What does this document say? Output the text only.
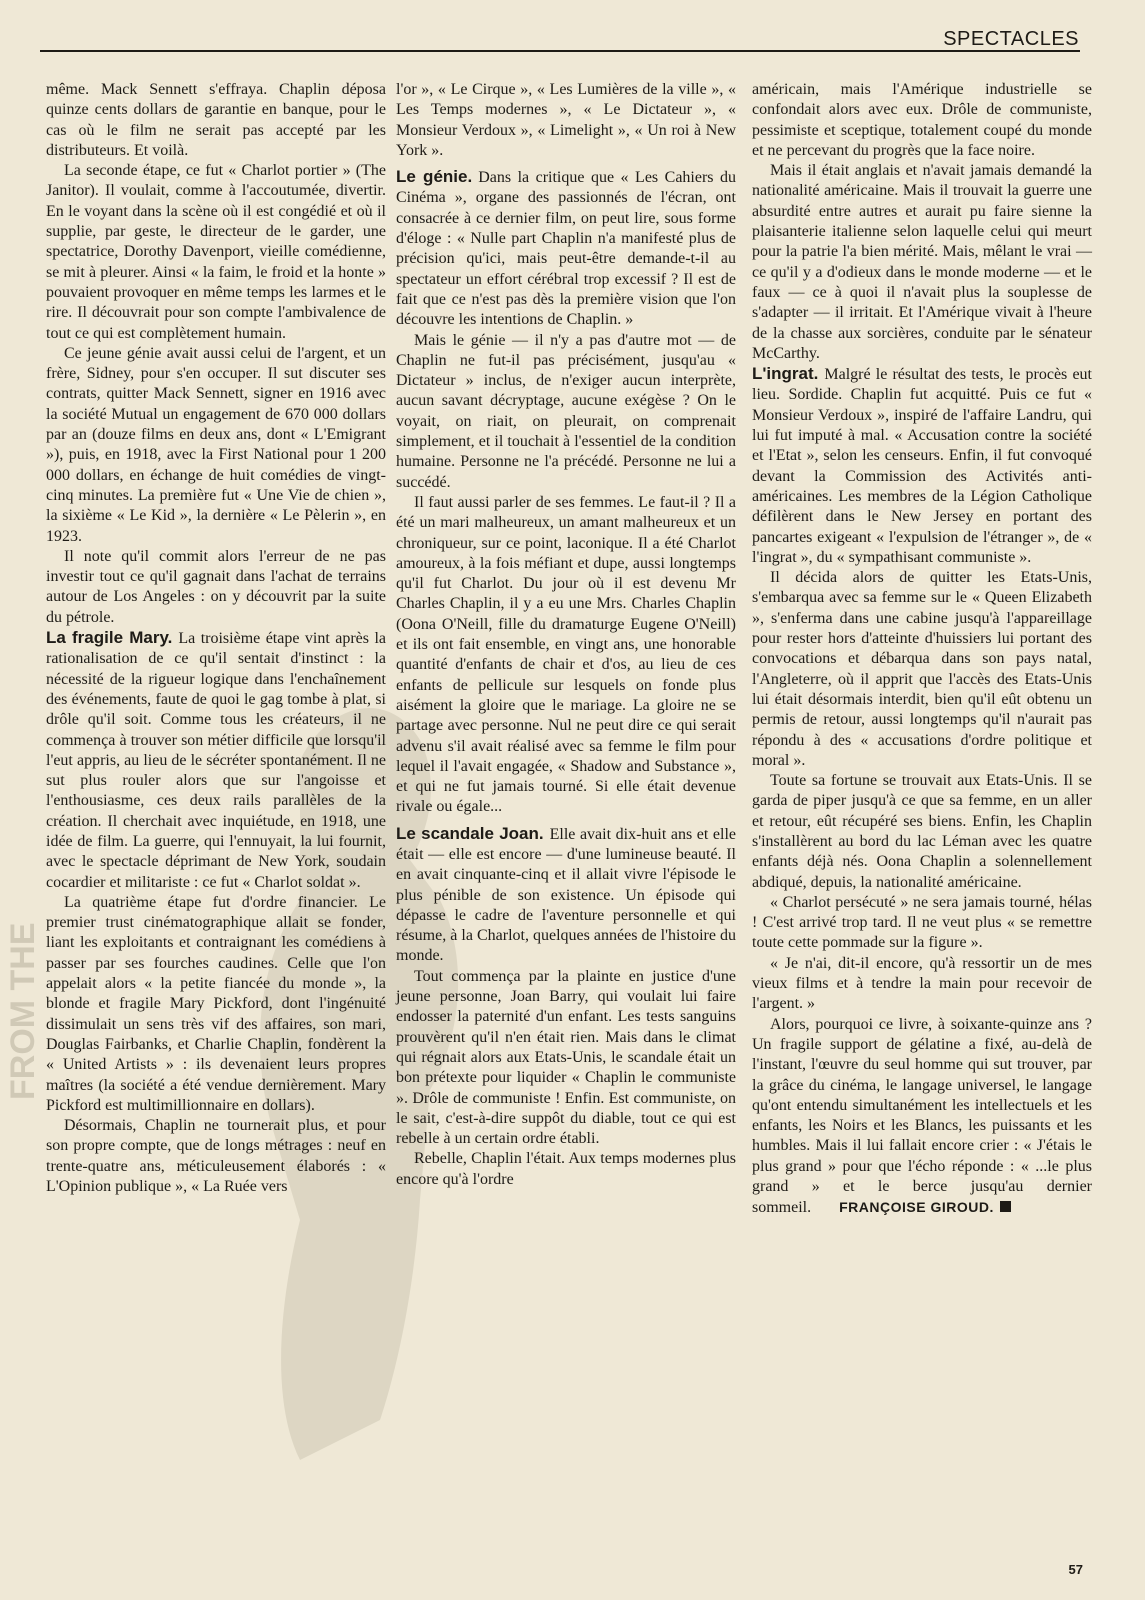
FROM THE
SPECTACLES

même. Mack Sennett s'effraya. Chaplin déposa quinze cents dollars de garantie en banque, pour le cas où le film ne serait pas accepté par les distributeurs. Et voilà.

La seconde étape, ce fut « Charlot portier » (The Janitor). Il voulait, comme à l'accoutumée, divertir. En le voyant dans la scène où il est congédié et où il supplie, par geste, le directeur de le garder, une spectatrice, Dorothy Davenport, vieille comédienne, se mit à pleurer. Ainsi « la faim, le froid et la honte » pouvaient provoquer en même temps les larmes et le rire. Il découvrait pour son compte l'ambivalence de tout ce qui est complètement humain.

Ce jeune génie avait aussi celui de l'argent, et un frère, Sidney, pour s'en occuper. Il sut discuter ses contrats, quitter Mack Sennett, signer en 1916 avec la société Mutual un engagement de 670 000 dollars par an (douze films en deux ans, dont « L'Emigrant »), puis, en 1918, avec la First National pour 1 200 000 dollars, en échange de huit comédies de vingt-cinq minutes. La première fut « Une Vie de chien », la sixième « Le Kid », la dernière « Le Pèlerin », en 1923.

Il note qu'il commit alors l'erreur de ne pas investir tout ce qu'il gagnait dans l'achat de terrains autour de Los Angeles : on y découvrit par la suite du pétrole.

La fragile Mary. La troisième étape vint après la rationalisation de ce qu'il sentait d'instinct : la nécessité de la rigueur logique dans l'enchaînement des événements, faute de quoi le gag tombe à plat, si drôle qu'il soit. Comme tous les créateurs, il ne commença à trouver son métier difficile que lorsqu'il l'eut appris, au lieu de le sécréter spontanément. Il ne sut plus rouler alors que sur l'angoisse et l'enthousiasme, ces deux rails parallèles de la création. Il cherchait avec inquiétude, en 1918, une idée de film. La guerre, qui l'ennuyait, la lui fournit, avec le spectacle déprimant de New York, soudain cocardier et militariste : ce fut « Charlot soldat ».

La quatrième étape fut d'ordre financier. Le premier trust cinématographique allait se fonder, liant les exploitants et contraignant les comédiens à passer par ses fourches caudines. Celle que l'on appelait alors « la petite fiancée du monde », la blonde et fragile Mary Pickford, dont l'ingénuité dissimulait un sens très vif des affaires, son mari, Douglas Fairbanks, et Charlie Chaplin, fondèrent la « United Artists » : ils devenaient leurs propres maîtres (la société a été vendue dernièrement. Mary Pickford est multimillionnaire en dollars).

Désormais, Chaplin ne tournerait plus, et pour son propre compte, que de longs métrages : neuf en trente-quatre ans, méticuleusement élaborés : « L'Opinion publique », « La Ruée vers

l'or », « Le Cirque », « Les Lumières de la ville », « Les Temps modernes », « Le Dictateur », « Monsieur Verdoux », « Limelight », « Un roi à New York ».

Le génie. Dans la critique que « Les Cahiers du Cinéma », organe des passionnés de l'écran, ont consacrée à ce dernier film, on peut lire, sous forme d'éloge : « Nulle part Chaplin n'a manifesté plus de précision qu'ici, mais peut-être demande-t-il au spectateur un effort cérébral trop excessif ? Il est de fait que ce n'est pas dès la première vision que l'on découvre les intentions de Chaplin. »

Mais le génie — il n'y a pas d'autre mot — de Chaplin ne fut-il pas précisément, jusqu'au « Dictateur » inclus, de n'exiger aucun interprète, aucun savant décryptage, aucune exégèse ? On le voyait, on riait, on pleurait, on comprenait simplement, et il touchait à l'essentiel de la condition humaine. Personne ne l'a précédé. Personne ne lui a succédé.

Il faut aussi parler de ses femmes. Le faut-il ? Il a été un mari malheureux, un amant malheureux et un chroniqueur, sur ce point, laconique. Il a été Charlot amoureux, à la fois méfiant et dupe, aussi longtemps qu'il fut Charlot. Du jour où il est devenu Mr Charles Chaplin, il y a eu une Mrs. Charles Chaplin (Oona O'Neill, fille du dramaturge Eugene O'Neill) et ils ont fait ensemble, en vingt ans, une honorable quantité d'enfants de chair et d'os, au lieu de ces enfants de pellicule sur lesquels on fonde plus aisément la gloire que le mariage. La gloire ne se partage avec personne. Nul ne peut dire ce qui serait advenu s'il avait réalisé avec sa femme le film pour lequel il l'avait engagée, « Shadow and Substance », et qui ne fut jamais tourné. Si elle était devenue rivale ou égale...

Le scandale Joan. Elle avait dix-huit ans et elle était — elle est encore — d'une lumineuse beauté. Il en avait cinquante-cinq et il allait vivre l'épisode le plus pénible de son existence. Un épisode qui dépasse le cadre de l'aventure personnelle et qui résume, à la Charlot, quelques années de l'histoire du monde.

Tout commença par la plainte en justice d'une jeune personne, Joan Barry, qui voulait lui faire endosser la paternité d'un enfant. Les tests sanguins prouvèrent qu'il n'en était rien. Mais dans le climat qui régnait alors aux Etats-Unis, le scandale était un bon prétexte pour liquider « Chaplin le communiste ». Drôle de communiste ! Enfin. Est communiste, on le sait, c'est-à-dire suppôt du diable, tout ce qui est rebelle à un certain ordre établi.

Rebelle, Chaplin l'était. Aux temps modernes plus encore qu'à l'ordre

américain, mais l'Amérique industrielle se confondait alors avec eux. Drôle de communiste, pessimiste et sceptique, totalement coupé du monde et ne percevant du progrès que la face noire.

Mais il était anglais et n'avait jamais demandé la nationalité américaine. Mais il trouvait la guerre une absurdité entre autres et aurait pu faire sienne la plaisanterie italienne selon laquelle celui qui meurt pour la patrie l'a bien mérité. Mais, mêlant le vrai — ce qu'il y a d'odieux dans le monde moderne — et le faux — ce à quoi il n'avait plus la souplesse de s'adapter — il irritait. Et l'Amérique vivait à l'heure de la chasse aux sorcières, conduite par le sénateur McCarthy.

L'ingrat. Malgré le résultat des tests, le procès eut lieu. Sordide. Chaplin fut acquitté. Puis ce fut « Monsieur Verdoux », inspiré de l'affaire Landru, qui lui fut imputé à mal. « Accusation contre la société et l'Etat », selon les censeurs. Enfin, il fut convoqué devant la Commission des Activités anti-américaines. Les membres de la Légion Catholique défilèrent dans le New Jersey en portant des pancartes exigeant « l'expulsion de l'étranger », de « l'ingrat », du « sympathisant communiste ».

Il décida alors de quitter les Etats-Unis, s'embarqua avec sa femme sur le « Queen Elizabeth », s'enferma dans une cabine jusqu'à l'appareillage pour rester hors d'atteinte d'huissiers lui portant des convocations et débarqua dans son pays natal, l'Angleterre, où il apprit que l'accès des Etats-Unis lui était désormais interdit, bien qu'il eût obtenu un permis de retour, aussi longtemps qu'il n'aurait pas répondu à des « accusations d'ordre politique et moral ».

Toute sa fortune se trouvait aux Etats-Unis. Il se garda de piper jusqu'à ce que sa femme, en un aller et retour, eût récupéré ses biens. Enfin, les Chaplin s'installèrent au bord du lac Léman avec les quatre enfants déjà nés. Oona Chaplin a solennellement abdiqué, depuis, la nationalité américaine.

« Charlot persécuté » ne sera jamais tourné, hélas ! C'est arrivé trop tard. Il ne veut plus « se remettre toute cette pommade sur la figure ».

« Je n'ai, dit-il encore, qu'à ressortir un de mes vieux films et à tendre la main pour recevoir de l'argent. »

Alors, pourquoi ce livre, à soixante-quinze ans ? Un fragile support de gélatine a fixé, au-delà de l'instant, l'œuvre du seul homme qui sut trouver, par la grâce du cinéma, le langage universel, le langage qu'ont entendu simultanément les intellectuels et les enfants, les Noirs et les Blancs, les puissants et les humbles. Mais il lui fallait encore crier : « J'étais le plus grand » pour que l'écho réponde : « ...le plus grand » et le berce jusqu'au dernier sommeil. FRANÇOISE GIROUD.

57
